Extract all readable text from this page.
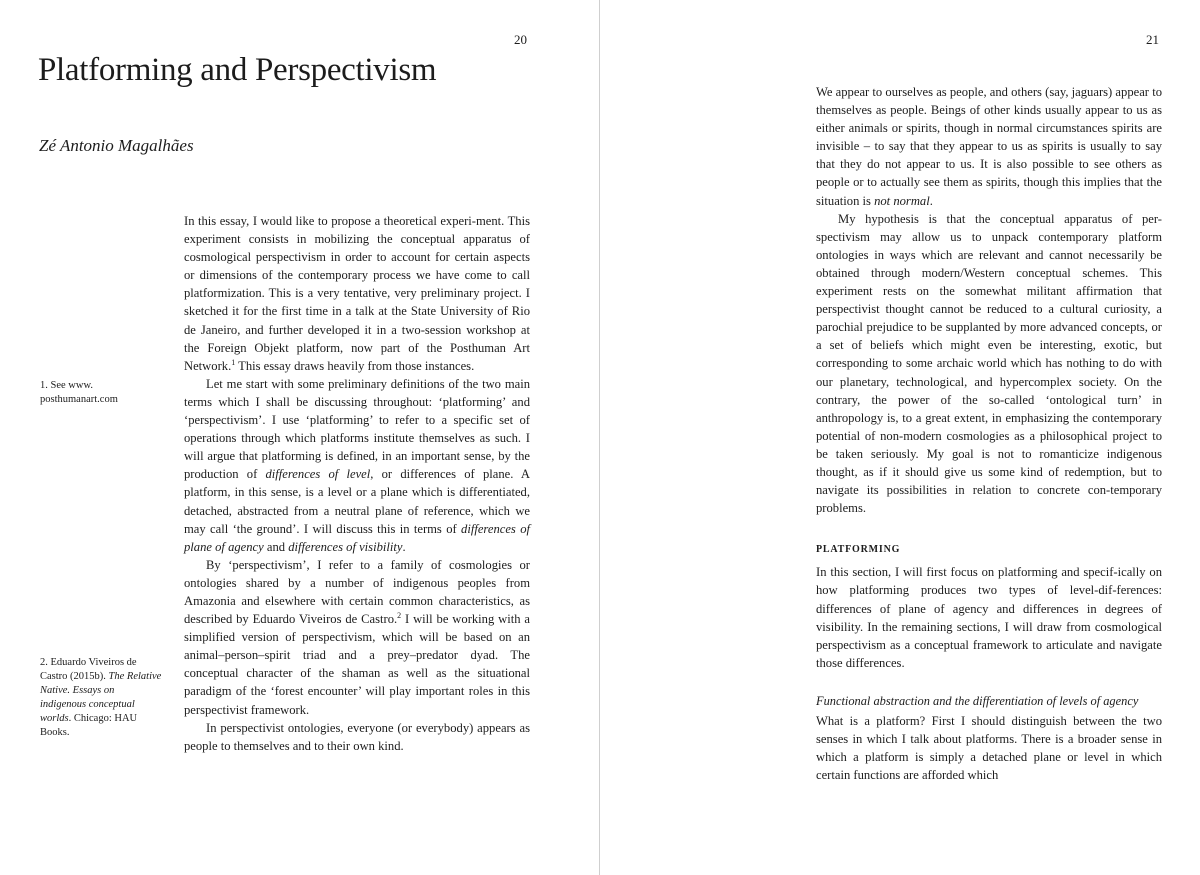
20	21
Platforming and Perspectivism

Zé Antonio Magalhães

1. See www. posthumanart.com
2. Eduardo Viveiros de Castro (2015b). The Relative Native. Essays on indigenous conceptual worlds. Chicago: HAU Books.

In this essay, I would like to propose a theoretical experi-ment. This experiment consists in mobilizing the conceptual apparatus of cosmological perspectivism in order to account for certain aspects or dimensions of the contemporary process we have come to call platformization. This is a very tentative, very preliminary project. I sketched it for the first time in a talk at the State University of Rio de Janeiro, and further developed it in a two-session workshop at the Foreign Objekt platform, now part of the Posthuman Art Network.$^1$ This essay draws heavily from those instances.

Let me start with some preliminary definitions of the two main terms which I shall be discussing throughout: ‘platforming’ and ‘perspectivism’. I use ‘platforming’ to refer to a specific set of operations through which platforms institute themselves as such. I will argue that platforming is defined, in an important sense, by the production of differences of level, or differences of plane. A platform, in this sense, is a level or a plane which is differentiated, detached, abstracted from a neutral plane of reference, which we may call ‘the ground’. I will discuss this in terms of differences of plane of agency and differences of visibility.

By ‘perspectivism’, I refer to a family of cosmologies or ontologies shared by a number of indigenous peoples from Amazonia and elsewhere with certain common characteristics, as described by Eduardo Viveiros de Castro.$^2$ I will be working with a simplified version of perspectivism, which will be based on an animal–person–spirit triad and a prey–predator dyad. The conceptual character of the shaman as well as the situational paradigm of the ‘forest encounter’ will play important roles in this perspectivist framework.

In perspectivist ontologies, everyone (or everybody) appears as people to themselves and to their own kind.

We appear to ourselves as people, and others (say, jaguars) appear to themselves as people. Beings of other kinds usually appear to us as either animals or spirits, though in normal circumstances spirits are invisible – to say that they appear to us as spirits is usually to say that they do not appear to us. It is also possible to see others as people or to actually see them as spirits, though this implies that the situation is not normal.

My hypothesis is that the conceptual apparatus of per-spectivism may allow us to unpack contemporary platform ontologies in ways which are relevant and cannot necessarily be obtained through modern/Western conceptual schemes. This experiment rests on the somewhat militant affirmation that perspectivist thought cannot be reduced to a cultural curiosity, a parochial prejudice to be supplanted by more advanced concepts, or a set of beliefs which might even be interesting, exotic, but corresponding to some archaic world which has nothing to do with our planetary, technological, and hypercomplex society. On the contrary, the power of the so-called ‘ontological turn’ in anthropology is, to a great extent, in emphasizing the contemporary potential of non-modern cosmologies as a philosophical project to be taken seriously. My goal is not to romanticize indigenous thought, as if it should give us some kind of redemption, but to navigate its possibilities in relation to concrete con-temporary problems.

PLATFORMING

In this section, I will first focus on platforming and specif-ically on how platforming produces two types of level-dif-ferences: differences of plane of agency and differences in degrees of visibility. In the remaining sections, I will draw from cosmological perspectivism as a conceptual framework to articulate and navigate those differences.

Functional abstraction and the differentiation of levels of agency

What is a platform? First I should distinguish between the two senses in which I talk about platforms. There is a broader sense in which a platform is simply a detached plane or level in which certain functions are afforded which
